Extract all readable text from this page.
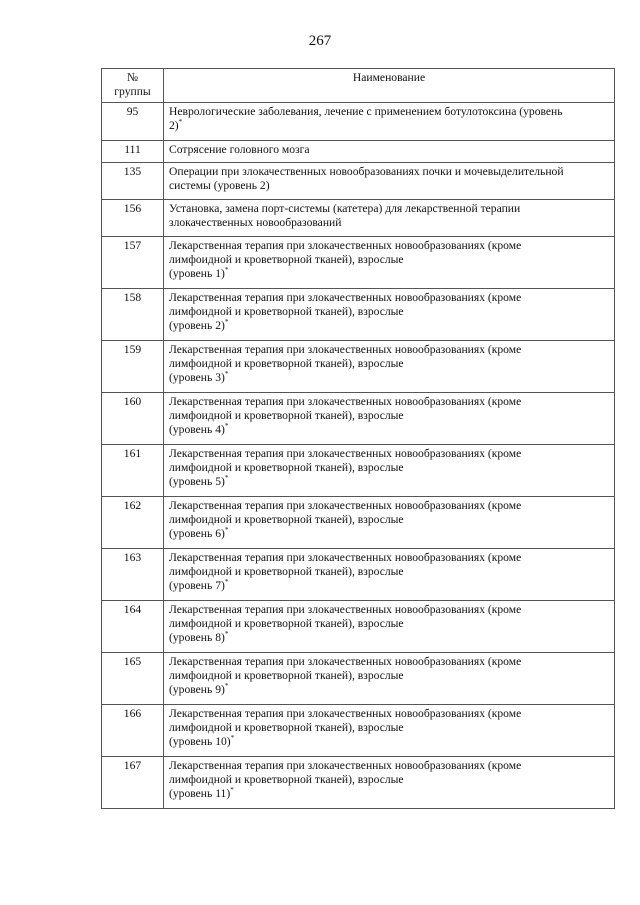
267
№
группы	Наименование
95	Неврологические заболевания, лечение с применением ботулотоксина (уровень
2)*

111	Сотрясение головного мозга

135	Операции при злокачественных новообразованиях почки и мочевыделительной
системы (уровень 2)

156	Установка, замена порт-системы (катетера) для лекарственной терапии
злокачественных новообразований

157	Лекарственная терапия при злокачественных новообразованиях (кроме
лимфоидной и кроветворной тканей), взрослые
(уровень 1)*

158	Лекарственная терапия при злокачественных новообразованиях (кроме
лимфоидной и кроветворной тканей), взрослые
(уровень 2)*

159	Лекарственная терапия при злокачественных новообразованиях (кроме
лимфоидной и кроветворной тканей), взрослые
(уровень 3)*

160	Лекарственная терапия при злокачественных новообразованиях (кроме
лимфоидной и кроветворной тканей), взрослые
(уровень 4)*

161	Лекарственная терапия при злокачественных новообразованиях (кроме
лимфоидной и кроветворной тканей), взрослые
(уровень 5)*

162	Лекарственная терапия при злокачественных новообразованиях (кроме
лимфоидной и кроветворной тканей), взрослые
(уровень 6)*

163	Лекарственная терапия при злокачественных новообразованиях (кроме
лимфоидной и кроветворной тканей), взрослые
(уровень 7)*

164	Лекарственная терапия при злокачественных новообразованиях (кроме
лимфоидной и кроветворной тканей), взрослые
(уровень 8)*

165	Лекарственная терапия при злокачественных новообразованиях (кроме
лимфоидной и кроветворной тканей), взрослые
(уровень 9)*

166	Лекарственная терапия при злокачественных новообразованиях (кроме
лимфоидной и кроветворной тканей), взрослые
(уровень 10)*

167	Лекарственная терапия при злокачественных новообразованиях (кроме
лимфоидной и кроветворной тканей), взрослые
(уровень 11)*
